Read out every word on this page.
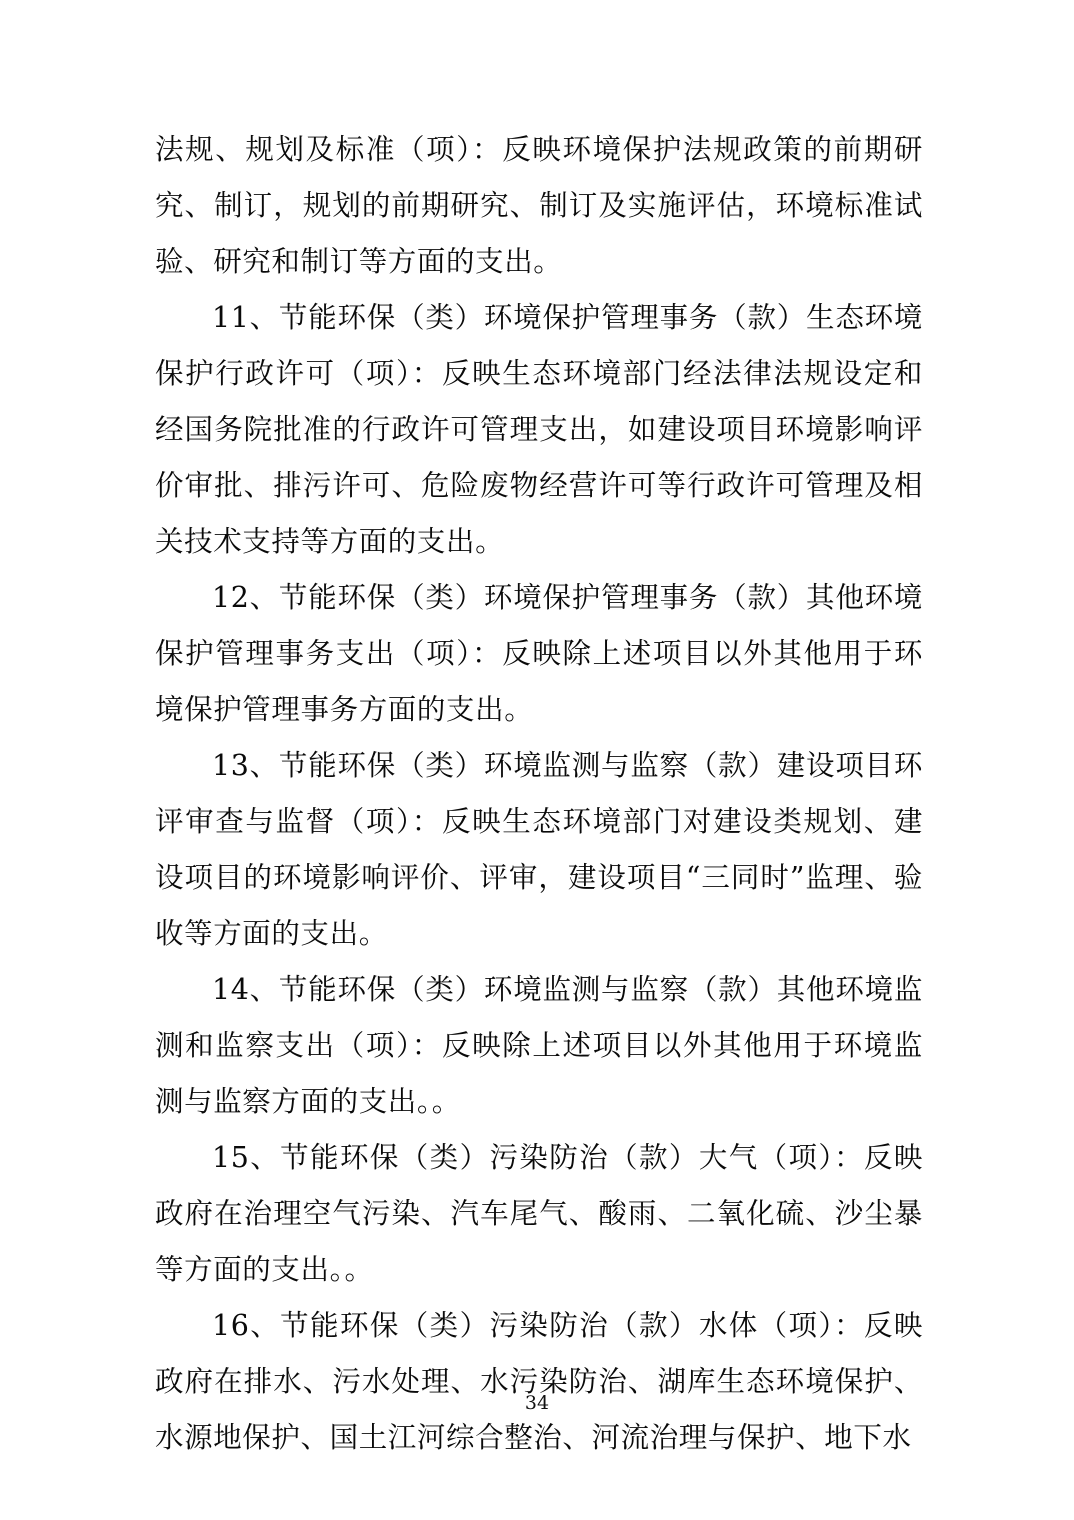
法规、规划及标准（项）：反映环境保护法规政策的前期研究、制订，规划的前期研究、制订及实施评估，环境标准试验、研究和制订等方面的支出。

11、节能环保（类）环境保护管理事务（款）生态环境保护行政许可（项）：反映生态环境部门经法律法规设定和经国务院批准的行政许可管理支出，如建设项目环境影响评价审批、排污许可、危险废物经营许可等行政许可管理及相关技术支持等方面的支出。

12、节能环保（类）环境保护管理事务（款）其他环境保护管理事务支出（项）：反映除上述项目以外其他用于环境保护管理事务方面的支出。

13、节能环保（类）环境监测与监察（款）建设项目环评审查与监督（项）：反映生态环境部门对建设类规划、建设项目的环境影响评价、评审，建设项目“三同时”监理、验收等方面的支出。

14、节能环保（类）环境监测与监察（款）其他环境监测和监察支出（项）：反映除上述项目以外其他用于环境监测与监察方面的支出。。

15、节能环保（类）污染防治（款）大气（项）：反映政府在治理空气污染、汽车尾气、酸雨、二氧化硫、沙尘暴等方面的支出。。

16、节能环保（类）污染防治（款）水体（项）：反映政府在排水、污水处理、水污染防治、湖库生态环境保护、水源地保护、国土江河综合整治、河流治理与保护、地下水

34
